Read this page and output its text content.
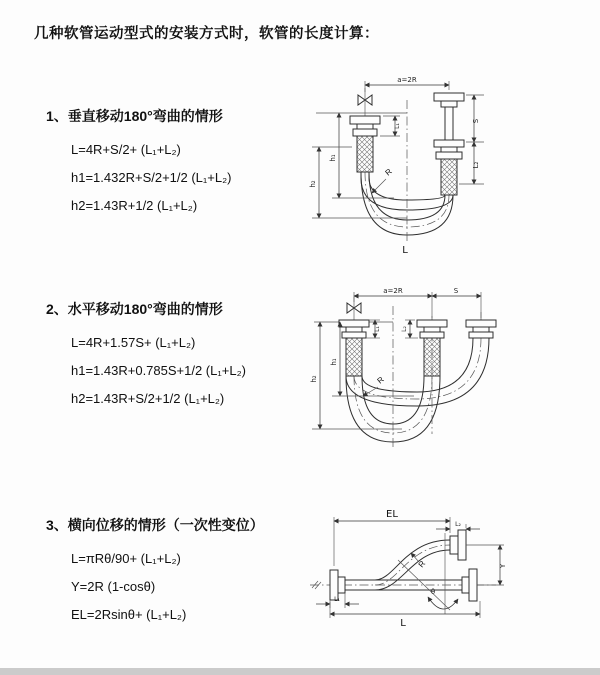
几种软管运动型式的安装方式时，软管的长度计算：
1、垂直移动180°弯曲的情形
L=4R+S/2+ (L₁+L₂)
h1=1.432R+S/2+1/2 (L₁+L₂)
h2=1.43R+1/2 (L₁+L₂)
2、水平移动180°弯曲的情形
L=4R+1.57S+ (L₁+L₂)
h1=1.43R+0.785S+1/2 (L₁+L₂)
h2=1.43R+S/2+1/2 (L₁+L₂)
3、横向位移的情形（一次性变位）
L=πRθ/90+ (L₁+L₂)
Y=2R (1-cosθ)
EL=2Rsinθ+ (L₁+L₂)
a=2R
S
L₂
L₁
h₁
h₂
R
L
a=2R	S
L₁	L₂
h₁
h₂	R
θ
R
EL
L₂
Y
L₁
L
